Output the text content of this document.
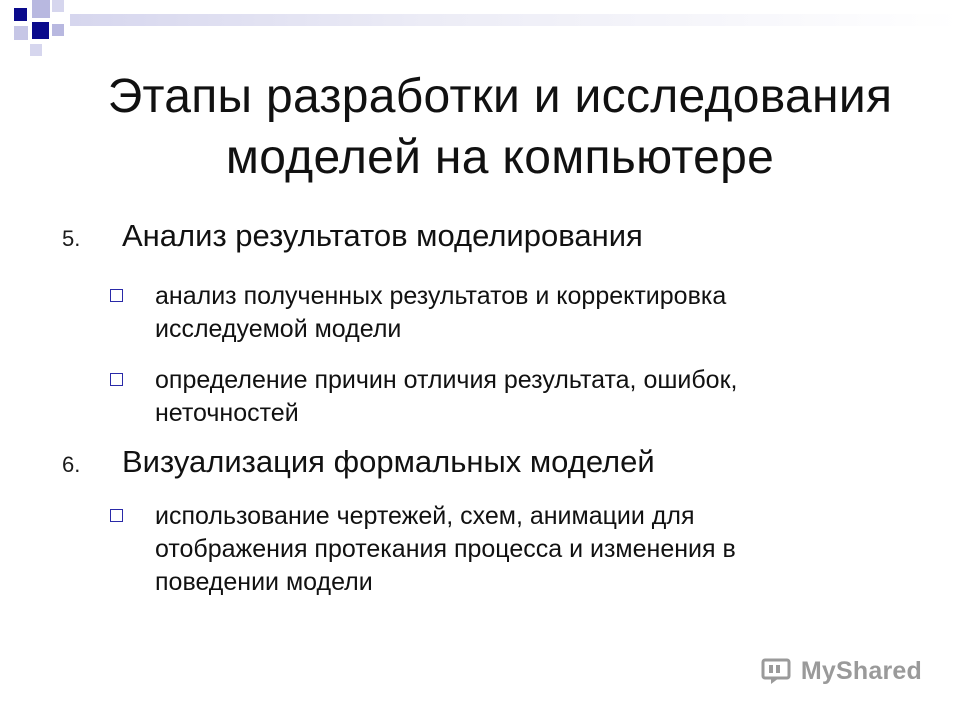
Этапы разработки и исследования
моделей на компьютере
5.	Анализ результатов моделирования
анализ полученных результатов и корректировка
исследуемой модели
определение причин отличия результата, ошибок,
неточностей
6.	Визуализация формальных моделей
использование чертежей, схем, анимации для
отображения протекания процесса и изменения в
поведении модели
MyShared
